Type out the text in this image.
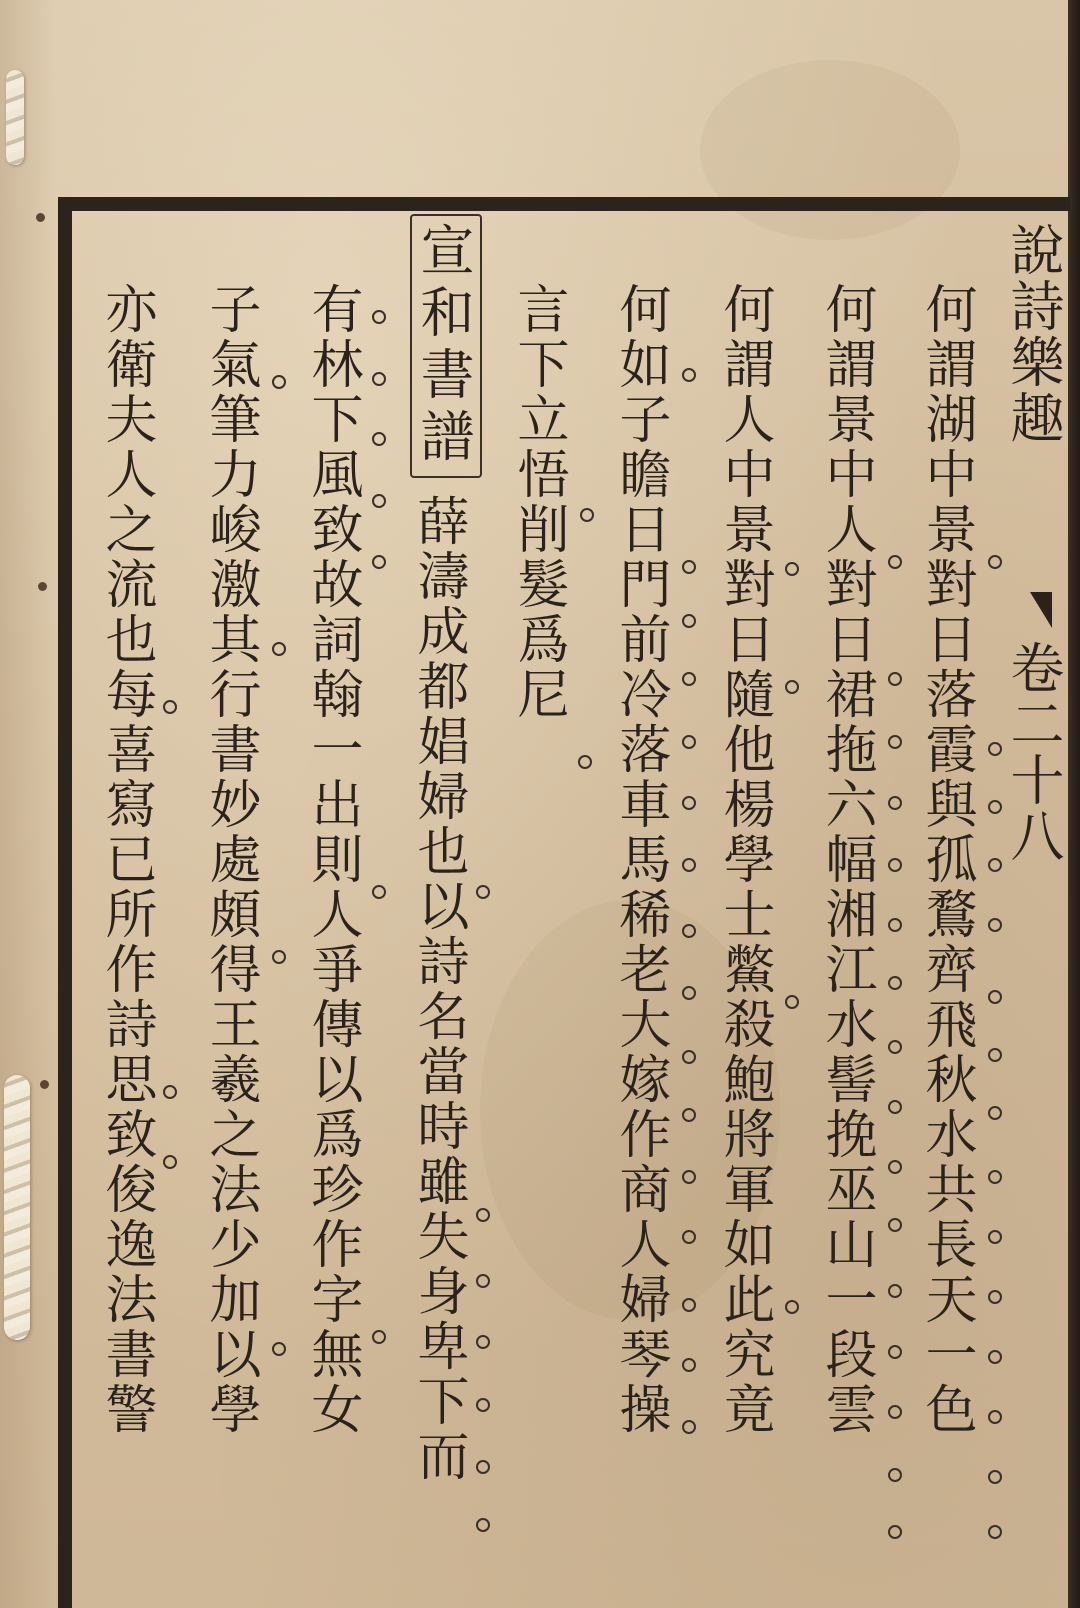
說詩樂趣
卷二十八
何謂湖中景對日落霞與孤鶩齊飛秋水共長天一色
何謂景中人對日裙拖六幅湘江水髻挽巫山一段雲
何謂人中景對日隨他楊學士鱉殺鮑將軍如此究竟
何如子瞻日門前冷落車馬稀老大嫁作商人婦琴操
言下立悟削髮爲尼
宣和書譜
薛濤成都娼婦也以詩名當時雖失身卑下而
有林下風致故詞翰一出則人爭傳以爲珍作字無女
子氣筆力峻激其行書妙處頗得王羲之法少加以學
亦衛夫人之流也每喜寫已所作詩思致俊逸法書警
